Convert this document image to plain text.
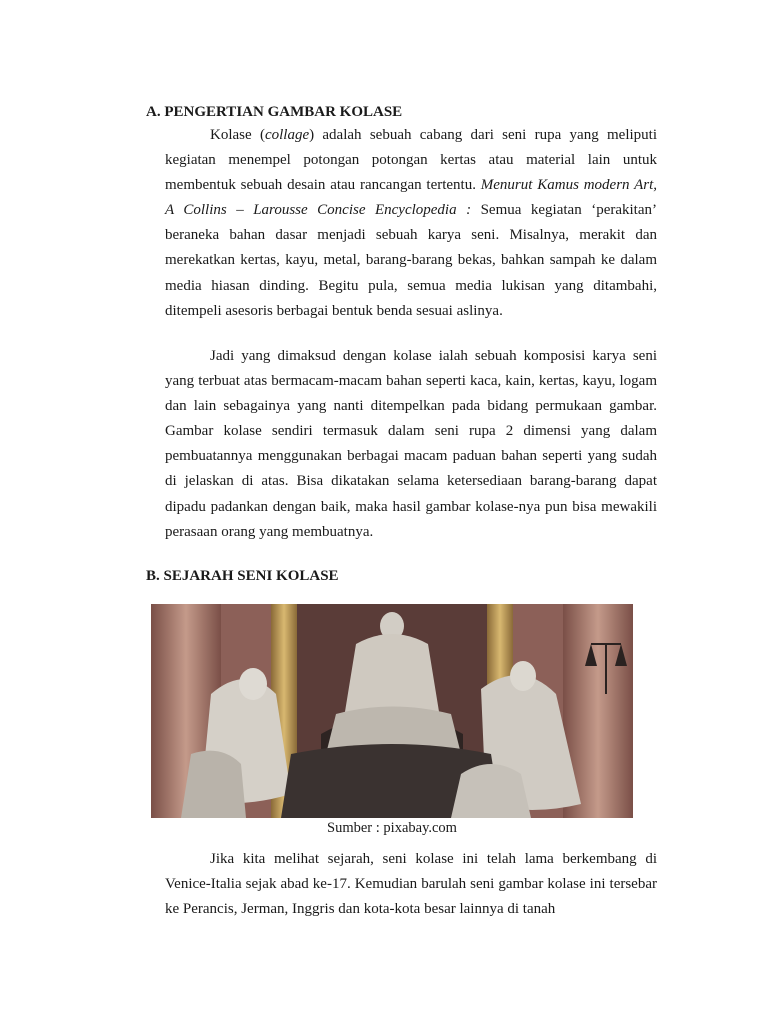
A. PENGERTIAN GAMBAR KOLASE

Kolase (collage) adalah sebuah cabang dari seni rupa yang meliputi kegiatan menempel potongan potongan kertas atau material lain untuk membentuk sebuah desain atau rancangan tertentu. Menurut Kamus modern Art, A Collins – Larousse Concise Encyclopedia : Semua kegiatan ‘perakitan’ beraneka bahan dasar menjadi sebuah karya seni. Misalnya, merakit dan merekatkan kertas, kayu, metal, barang-barang bekas, bahkan sampah ke dalam media hiasan dinding. Begitu pula, semua media lukisan yang ditambahi, ditempeli asesoris berbagai bentuk benda sesuai aslinya.

Jadi yang dimaksud dengan kolase ialah sebuah komposisi karya seni yang terbuat atas bermacam-macam bahan seperti kaca, kain, kertas, kayu, logam dan lain sebagainya yang nanti ditempelkan pada bidang permukaan gambar. Gambar kolase sendiri termasuk dalam seni rupa 2 dimensi yang dalam pembuatannya menggunakan berbagai macam paduan bahan seperti yang sudah di jelaskan di atas. Bisa dikatakan selama ketersediaan barang-barang dapat dipadu padankan dengan baik, maka hasil gambar kolase-nya pun bisa mewakili perasaan orang yang membuatnya.

B. SEJARAH SENI KOLASE
Sumber : pixabay.com

Jika kita melihat sejarah, seni kolase ini telah lama berkembang di Venice-Italia sejak abad ke-17. Kemudian barulah seni gambar kolase ini tersebar ke Perancis, Jerman, Inggris dan kota-kota besar lainnya di tanah
